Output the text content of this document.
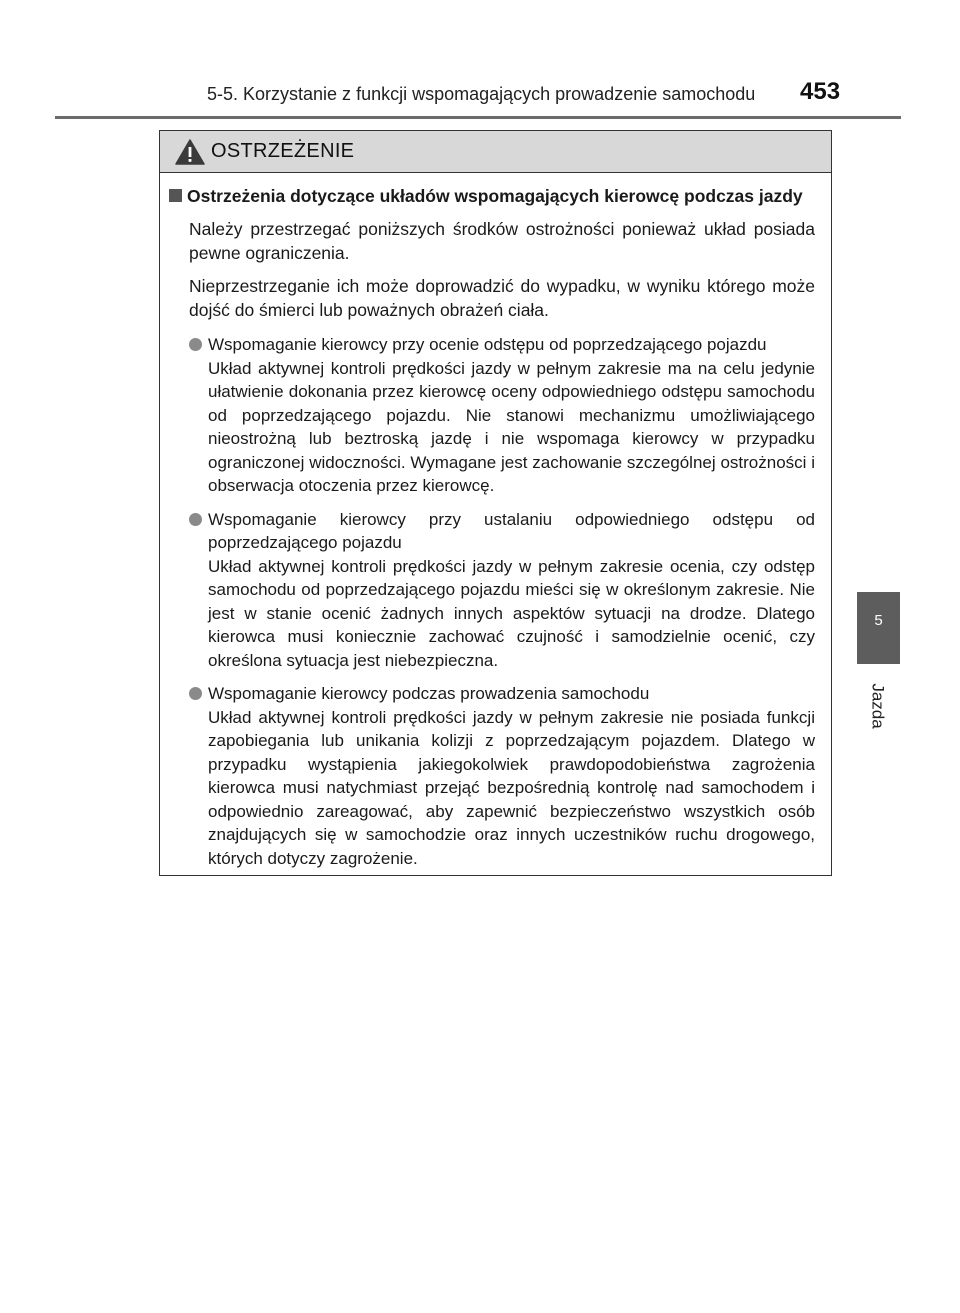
5-5. Korzystanie z funkcji wspomagających prowadzenie samochodu 453
5
Jazda
OSTRZEŻENIE
Ostrzeżenia dotyczące układów wspomagających kierowcę podczas jazdy

Należy przestrzegać poniższych środków ostrożności ponieważ układ posiada pewne ograniczenia.

Nieprzestrzeganie ich może doprowadzić do wypadku, w wyniku którego może dojść do śmierci lub poważnych obrażeń ciała.

Wspomaganie kierowcy przy ocenie odstępu od poprzedzającego pojazdu
Układ aktywnej kontroli prędkości jazdy w pełnym zakresie ma na celu jedynie ułatwienie dokonania przez kierowcę oceny odpowiedniego odstępu samochodu od poprzedzającego pojazdu. Nie stanowi mechanizmu umożliwiającego nieostrożną lub beztroską jazdę i nie wspomaga kierowcy w przypadku ograniczonej widoczności. Wymagane jest zachowanie szczególnej ostrożności i obserwacja otoczenia przez kierowcę.
Wspomaganie kierowcy przy ustalaniu odpowiedniego odstępu od poprzedzającego pojazdu
Układ aktywnej kontroli prędkości jazdy w pełnym zakresie ocenia, czy odstęp samochodu od poprzedzającego pojazdu mieści się w określonym zakresie. Nie jest w stanie ocenić żadnych innych aspektów sytuacji na drodze. Dlatego kierowca musi koniecznie zachować czujność i samodzielnie ocenić, czy określona sytuacja jest niebezpieczna.
Wspomaganie kierowcy podczas prowadzenia samochodu
Układ aktywnej kontroli prędkości jazdy w pełnym zakresie nie posiada funkcji zapobiegania lub unikania kolizji z poprzedzającym pojazdem. Dlatego w przypadku wystąpienia jakiegokolwiek prawdopodobieństwa zagrożenia kierowca musi natychmiast przejąć bezpośrednią kontrolę nad samochodem i odpowiednio zareagować, aby zapewnić bezpieczeństwo wszystkich osób znajdujących się w samochodzie oraz innych uczestników ruchu drogowego, których dotyczy zagrożenie.
